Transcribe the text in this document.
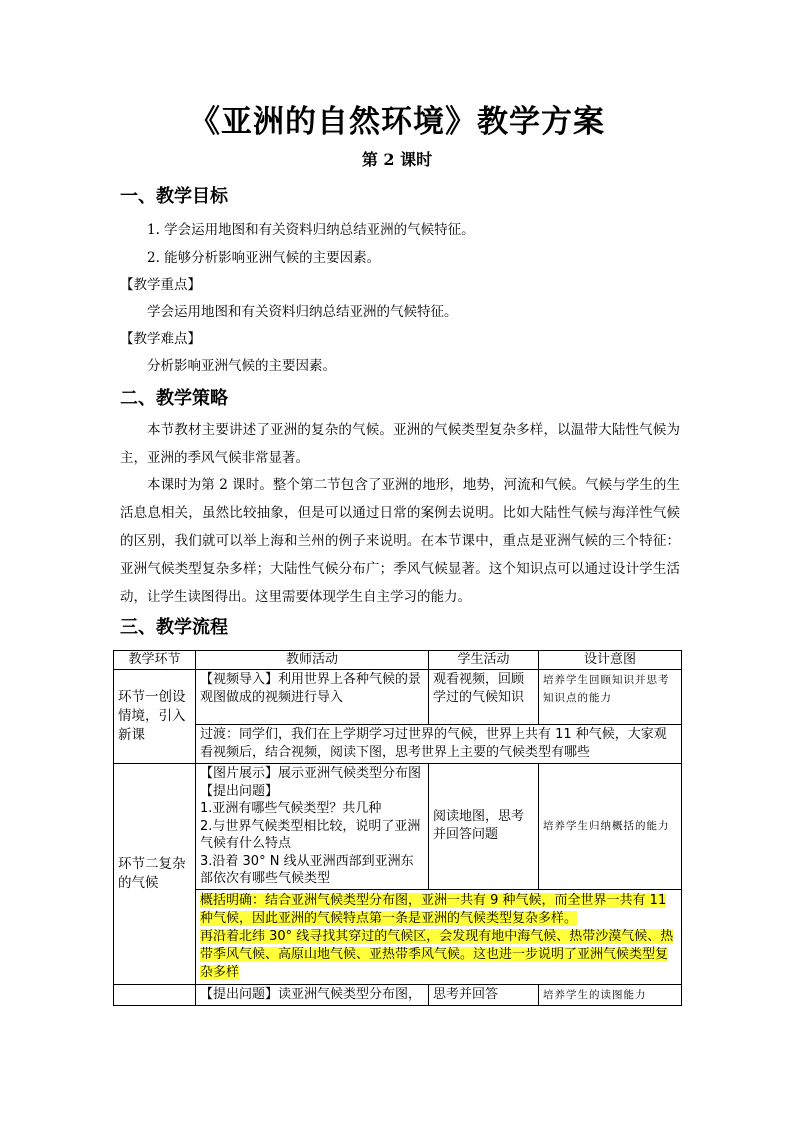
《亚洲的自然环境》教学方案
第 2 课时
一、教学目标
1. 学会运用地图和有关资料归纳总结亚洲的气候特征。
2. 能够分析影响亚洲气候的主要因素。
【教学重点】
学会运用地图和有关资料归纳总结亚洲的气候特征。
【教学难点】
分析影响亚洲气候的主要因素。
二、教学策略

本节教材主要讲述了亚洲的复杂的气候。亚洲的气候类型复杂多样，以温带大陆性气候为主，亚洲的季风气候非常显著。

本课时为第 2 课时。整个第二节包含了亚洲的地形，地势，河流和气候。气候与学生的生活息息相关，虽然比较抽象，但是可以通过日常的案例去说明。比如大陆性气候与海洋性气候的区别，我们就可以举上海和兰州的例子来说明。在本节课中，重点是亚洲气候的三个特征：亚洲气候类型复杂多样；大陆性气候分布广；季风气候显著。这个知识点可以通过设计学生活动，让学生读图得出。这里需要体现学生自主学习的能力。

三、教学流程
教学环节	教师活动	学生活动	设计意图
环节一创设情境，引入新课	【视频导入】利用世界上各种气候的景观图做成的视频进行导入	观看视频，回顾学过的气候知识	培养学生回顾知识并思考知识点的能力
	过渡：同学们，我们在上学期学习过世界的气候，世界上共有 11 种气候，大家观看视频后，结合视频，阅读下图，思考世界上主要的气候类型有哪些		
环节二复杂的气候	【图片展示】展示亚洲气候类型分布图
【提出问题】
1.亚洲有哪些气候类型？共几种
2.与世界气候类型相比较，说明了亚洲气候有什么特点
3.沿着 30° N 线从亚洲西部到亚洲东部依次有哪些气候类型	阅读地图，思考并回答问题	培养学生归纳概括的能力
	概括明确：结合亚洲气候类型分布图，亚洲一共有 9 种气候，而全世界一共有 11 种气候，因此亚洲的气候特点第一条是亚洲的气候类型复杂多样。
再沿着北纬 30° 线寻找其穿过的气候区，会发现有地中海气候、热带沙漠气候、热带季风气候、高原山地气候、亚热带季风气候。这也进一步说明了亚洲气候类型复杂多样		
	【提出问题】读亚洲气候类型分布图，	思考并回答	培养学生的读图能力
